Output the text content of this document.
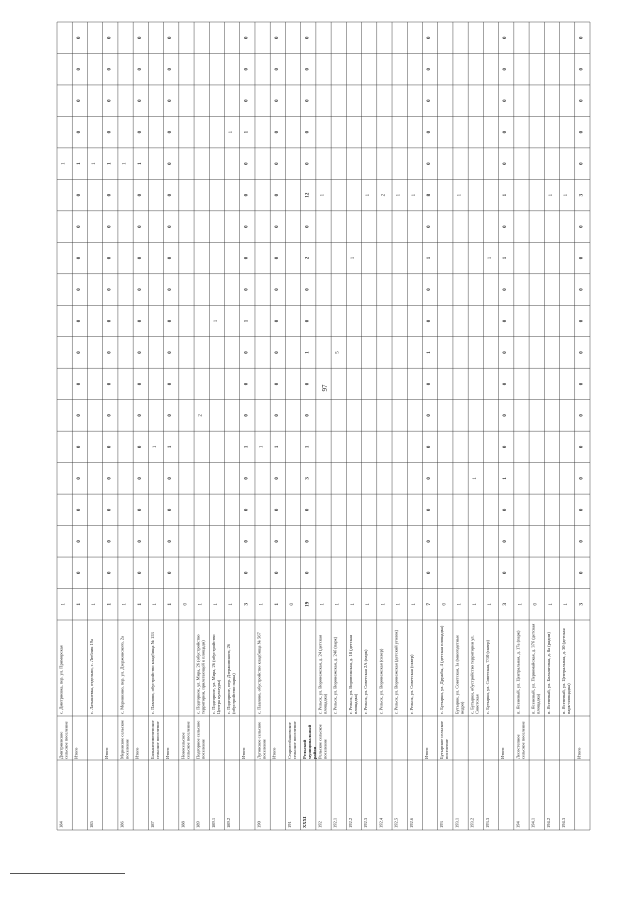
184
Дмитриевское сельское поселение
с. Дмитриевка, пер. ул. Приморская
1
1
Итого
1
0
0
0
0
0
0
0
0
0
0
0
0
0
1
0
0
0
0
185
с. Латышевка, отдельно, с. Люблик 19а
1
1
Итого
1
0
0
0
0
0
0
0
0
0
0
0
0
0
1
0
0
0
0
186
Меринское сельское поселение
с. Меринкино, пер. ул. Дзержинского, 2а
1
1
Итого
1
0
0
0
0
0
0
0
0
0
0
0
0
0
1
0
0
0
0
187
Большеизмененское сельское поселение
с. Павлово, обустройство кладбища № 153
1
1
Итого
1
0
0
0
0
1
0
0
0
0
0
0
0
0
0
0
0
0
0
188
Новосельское сельское поселение
0
189
Подгорное сельское поселение
с. Подгорное, ул. Мира, 26 (обустройство территории, прилегающей к площади)
1
2
189.1
с. Подгорное, ул. Мира, 26 (обустройство Центра культуры)
1
1
189.2
с. Подгорное, пер. Дзержинского, 26 (обустройство парка)
1
1
Итого
3
0
0
0
0
1
0
0
0
1
0
0
0
0
0
1
0
0
0
190
Луговское сельское поселение
с. Павлово, обустройство кладбища № 567
1
1
Итого
1
0
0
0
0
1
0
0
0
0
0
0
0
0
0
0
0
0
0
191
Староюзбашевское сельское поселение
0
XXXI
Рельский муниципальный район
19
0
0
0
3
1
0
0
1
0
0
2
0
12
0
0
0
0
0
192
Рельское сельское поселение
г. Рельск, ул. Воронежская, д. 24 (детская площадка)
1
1
192.1
г. Рельск, ул. Воронежская, д. 24б (парк)
1
5
192.2
г. Рельск, ул. Воронежская, д. 18 (детская площадка)
1
1
192.3
г. Рельск, ул. Советская 2А (парк)
1
1
192.4
г. Рельск, ул. Воронежская (сквер)
1
2
192.5
г. Рельск, ул. Воронежская (детский уголок)
1
1
192.6
г. Рельск, ул. Советская (сквер)
1
1
Итого
7
0
0
0
0
0
0
0
1
0
0
1
0
8
0
0
0
0
0
193
Бутырское сельское поселение
с. Бутырки, ул. Дружбы, 4 (детская площадка)
0
193.1
Бутырки, ул. Советская, 1а (многодетные ведро)
1
1
193.2
с. Бутырки, обустройство территории ул. Советская
1
1
193.3
с. Бутырки, ул. Советская, 7/10 (сквер)
1
1
Итого
3
0
0
0
1
0
0
0
0
0
0
1
0
1
0
0
0
0
0
194
Лесостепное сельское поселение
п. Ясеневый, ул. Центральная, д. 17а (парк)
1
194.1
п. Ясеневый, ул. Первомайская, д. 37б (детская площадка)
0
194.2
п. Ясеневый, ул. Больничная, д. 8а (рядом)
1
1
194.3
п. Ясеневый, ул. Центральная, д. 30 (детская парк-площадка)
1
1
Итого
3
0
0
0
0
0
0
0
0
0
0
0
0
3
0
0
0
0
0
97
